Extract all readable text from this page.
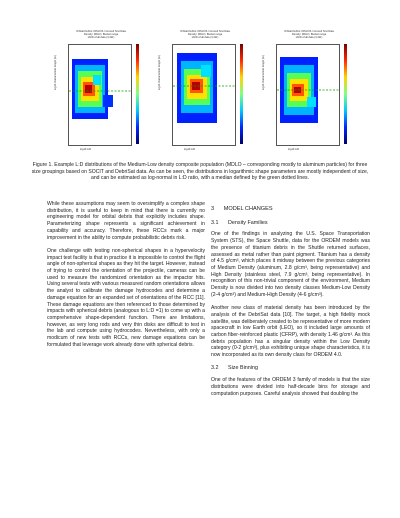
Orbital Debris: DISCOS / Ground Test Data
Density: MDLO, Bucket range
LD/D of all data (4,311)
log10 L/D
log10 characteristic length (m)
Orbital Debris: DISCOS / Ground Test Data
Density: MDLO, Bucket range
LD/D of all data (4,311)
log10 L/D
log10 characteristic length (m)
Orbital Debris: DISCOS / Ground Test Data
Density: MDLO, Bucket range
LD/D of all data (4,311)
log10 L/D
log10 characteristic length (m)
Figure 1. Example L:D distributions of the Medium-Low density composite population (MDLO – corresponding mostly to aluminum particles) for three size groupings based on SOCIT and DebriSat data. As can be seen, the distributions in logarithmic shape parameters are mostly independent of size, and can be estimated as log-normal in L:D ratio, with a median defined by the green dotted lines.

While these assumptions may seem to oversimplify a complex shape distribution, it is useful to keep in mind that there is currently no engineering model for orbital debris that explicitly includes shape. Parameterizing shape represents a significant achievement in capability and accuracy. Therefore, these RCCs mark a major improvement in the ability to compute probabilistic debris risk.

One challenge with testing non-spherical shapes in a hypervelocity impact test facility is that in practice it is impossible to control the flight angle of non-spherical shapes as they hit the target. However, instead of trying to control the orientation of the projectile, cameras can be used to measure the randomized orientation as the impactor hits. Using several tests with various measured random orientations allows the analyst to calibrate the damage hydrocodes and determine a damage equation for an expanded set of orientations of the RCC [11]. These damage equations are then referenced to those determined by impacts with spherical debris (analogous to L:D =1) to come up with a comprehensive shape-dependent function. There are limitations, however, as very long rods and very thin disks are difficult to test in the lab and compute using hydrocodes. Nevertheless, with only a modicum of new tests with RCCs, new damage equations can be formulated that leverage work already done with spherical debris.

3 MODEL CHANGES
3.1 Density Families

One of the findings in analyzing the U.S. Space Transportation System (STS), the Space Shuttle, data for the ORDEM models was the presence of titanium debris in the Shuttle returned surfaces, assessed as metal rather than paint pigment. Titanium has a density of 4.5 g/cm³, which places it midway between the previous categories of Medium Density (aluminum, 2.8 g/cm³, being representative) and High Density (stainless steel, 7.9 g/cm³, being representative). In recognition of this non-trivial component of the environment, Medium Density is now divided into two density classes Medium-Low Density (2-4 g/cm³) and Medium-High Density (4-6 g/cm³).

Another new class of material density has been introduced by the analysis of the DebriSat data [10]. The target, a high fidelity mock satellite, was deliberately created to be representative of more modern spacecraft in low Earth orbit (LEO), so it included large amounts of carbon fiber-reinforced plastic (CFRP), with density 1.46 g/cm³. As this debris population has a singular density within the Low Density category (0-2 g/cm³), plus exhibiting unique shape characteristics, it is now incorporated as its own density class for ORDEM 4.0.

3.2 Size Binning

One of the features of the ORDEM 3 family of models is that the size distributions were divided into half-decade bins for storage and computation purposes. Careful analysis showed that doubling the
